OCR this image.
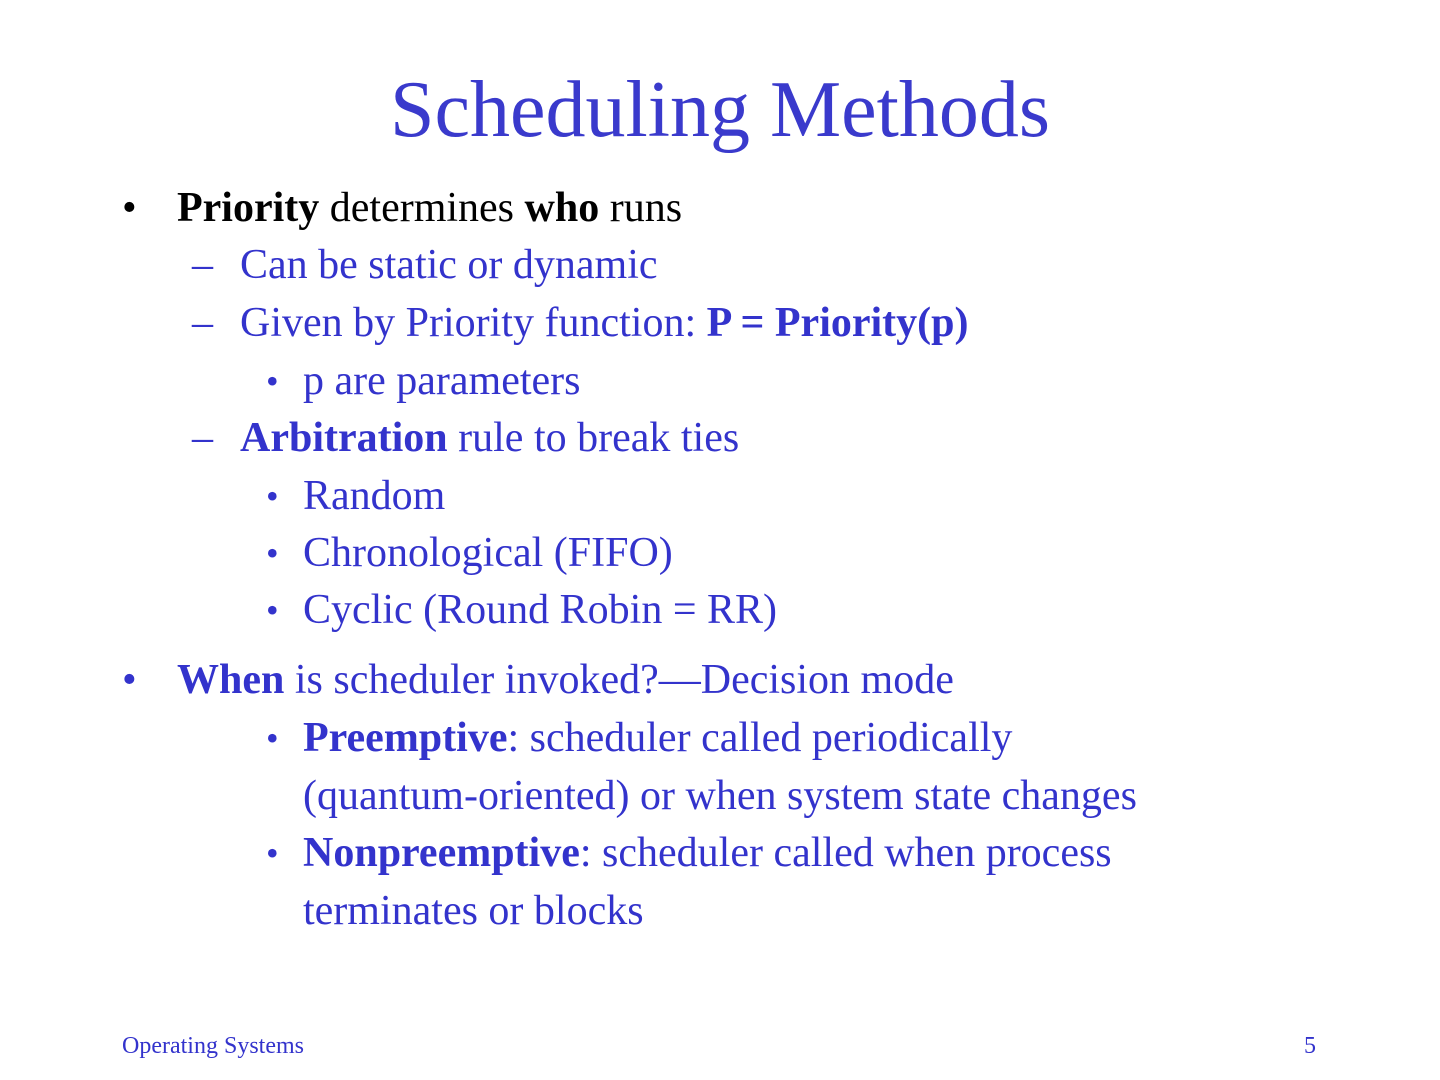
Scheduling Methods
• Priority determines who runs
– Can be static or dynamic
– Given by Priority function: P = Priority(p)
• p are parameters
– Arbitration rule to break ties
• Random
• Chronological (FIFO)
• Cyclic (Round Robin = RR)
• When is scheduler invoked?—Decision mode
• Preemptive: scheduler called periodically
(quantum-oriented) or when system state changes
• Nonpreemptive: scheduler called when process
terminates or blocks
Operating Systems	5
